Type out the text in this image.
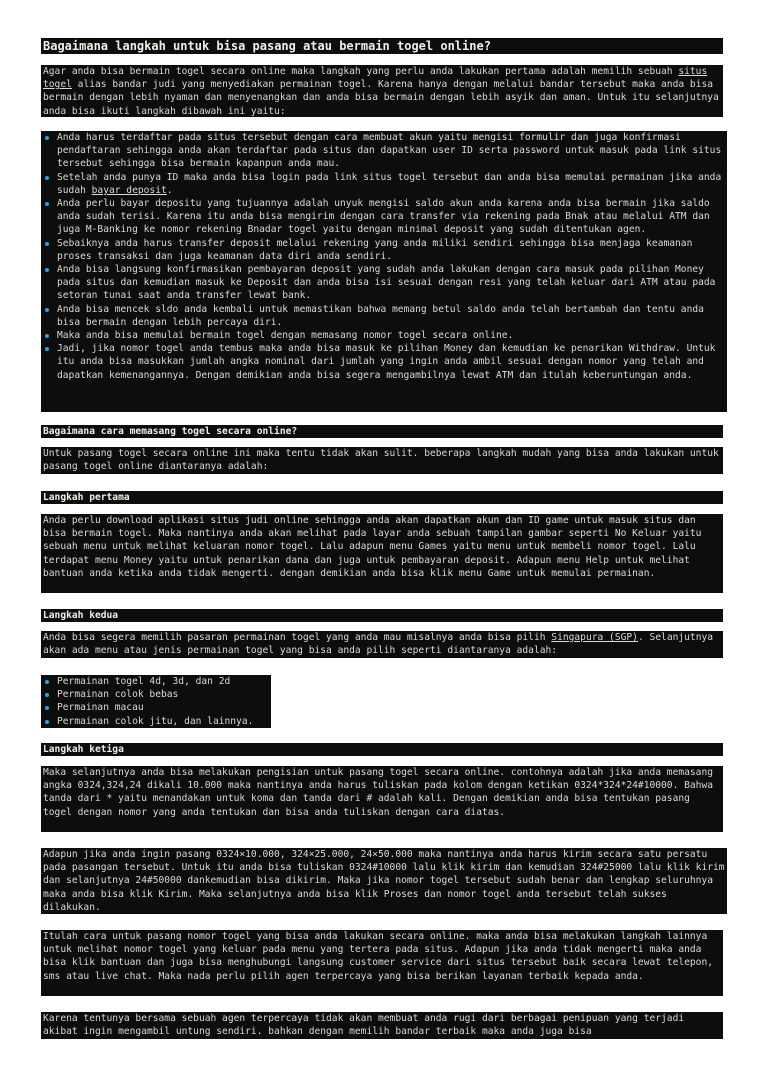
Bagaimana langkah untuk bisa pasang atau bermain togel online?

Agar anda bisa bermain togel secara online maka langkah yang perlu anda lakukan pertama adalah memilih sebuah situs togel alias bandar judi yang menyediakan permainan togel. Karena hanya dengan melalui bandar tersebut maka anda bisa bermain dengan lebih nyaman dan menyenangkan dan anda bisa bermain dengan lebih asyik dan aman. Untuk itu selanjutnya anda bisa ikuti langkah dibawah ini yaitu:

Anda harus terdaftar pada situs tersebut dengan cara membuat akun yaitu mengisi formulir dan juga konfirmasi pendaftaran sehingga anda akan terdaftar pada situs dan dapatkan user ID serta password untuk masuk pada link situs tersebut sehingga bisa bermain kapanpun anda mau.
Setelah anda punya ID maka anda bisa login pada link situs togel tersebut dan anda bisa memulai permainan jika anda sudah bayar deposit.
Anda perlu bayar depositu yang tujuannya adalah unyuk mengisi saldo akun anda karena anda bisa bermain jika saldo anda sudah terisi. Karena itu anda bisa mengirim dengan cara transfer via rekening pada Bnak atau melalui ATM dan juga M-Banking ke nomor rekening Bnadar togel yaitu dengan minimal deposit yang sudah ditentukan agen.
Sebaiknya anda harus transfer deposit melalui rekening yang anda miliki sendiri sehingga bisa menjaga keamanan proses transaksi dan juga keamanan data diri anda sendiri.
Anda bisa langsung konfirmasikan pembayaran deposit yang sudah anda lakukan dengan cara masuk pada pilihan Money pada situs dan kemudian masuk ke Deposit dan anda bisa isi sesuai dengan resi yang telah keluar dari ATM atau pada setoran tunai saat anda transfer lewat bank.
Anda bisa mencek sldo anda kembali untuk memastikan bahwa memang betul saldo anda telah bertambah dan tentu anda bisa bermain dengan lebih percaya diri.
Maka anda bisa memulai bermain togel dengan memasang nomor togel secara online.
Jadi, jika nomor togel anda tembus maka anda bisa masuk ke pilihan Money dan kemudian ke penarikan Withdraw. Untuk itu anda bisa masukkan jumlah angka nominal dari jumlah yang ingin anda ambil sesuai dengan nomor yang telah and dapatkan kemenangannya. Dengan demikian anda bisa segera mengambilnya lewat ATM dan itulah keberuntungan anda.
Bagaimana cara memasang togel secara online?

Untuk pasang togel secara online ini maka tentu tidak akan sulit. beberapa langkah mudah yang bisa anda lakukan untuk pasang togel online diantaranya adalah:

Langkah pertama

Anda perlu download aplikasi situs judi online sehingga anda akan dapatkan akun dan ID game untuk masuk situs dan bisa bermain togel. Maka nantinya anda akan melihat pada layar anda sebuah tampilan gambar seperti No Keluar yaitu sebuah menu untuk melihat keluaran nomor togel. Lalu adapun menu Games yaitu menu untuk membeli nomor togel. Lalu terdapat menu Money yaitu untuk penarikan dana dan juga untuk pembayaran deposit. Adapun menu Help untuk melihat bantuan anda ketika anda tidak mengerti. dengan demikian anda bisa klik menu Game untuk memulai permainan.

Langkah kedua

Anda bisa segera memilih pasaran permainan togel yang anda mau misalnya anda bisa pilih Singapura (SGP). Selanjutnya akan ada menu atau jenis permainan togel yang bisa anda pilih seperti diantaranya adalah:

Permainan togel 4d, 3d, dan 2d
Permainan colok bebas
Permainan macau
Permainan colok jitu, dan lainnya.
Langkah ketiga

Maka selanjutnya anda bisa melakukan pengisian untuk pasang togel secara online. contohnya adalah jika anda memasang angka 0324,324,24 dikali 10.000 maka nantinya anda harus tuliskan pada kolom dengan ketikan 0324*324*24#10000. Bahwa tanda dari * yaitu menandakan untuk koma dan tanda dari # adalah kali. Dengan demikian anda bisa tentukan pasang togel dengan nomor yang anda tentukan dan bisa anda tuliskan dengan cara diatas.

Adapun jika anda ingin pasang 0324×10.000, 324×25.000, 24×50.000 maka nantinya anda harus kirim secara satu persatu pada pasangan tersebut. Untuk itu anda bisa tuliskan 0324#10000 lalu klik kirim dan kemudian 324#25000 lalu klik kirim dan selanjutnya 24#50000 dankemudian bisa dikirim. Maka jika nomor togel tersebut sudah benar dan lengkap seluruhnya maka anda bisa klik Kirim. Maka selanjutnya anda bisa klik Proses dan nomor togel anda tersebut telah sukses dilakukan.

Itulah cara untuk pasang nomor togel yang bisa anda lakukan secara online. maka anda bisa melakukan langkah lainnya untuk melihat nomor togel yang keluar pada menu yang tertera pada situs. Adapun jika anda tidak mengerti maka anda bisa klik bantuan dan juga bisa menghubungi langsung customer service dari situs tersebut baik secara lewat telepon, sms atau live chat. Maka nada perlu pilih agen terpercaya yang bisa berikan layanan terbaik kepada anda.

Karena tentunya bersama sebuah agen terpercaya tidak akan membuat anda rugi dari berbagai penipuan yang terjadi akibat ingin mengambil untung sendiri. bahkan dengan memilih bandar terbaik maka anda juga bisa
